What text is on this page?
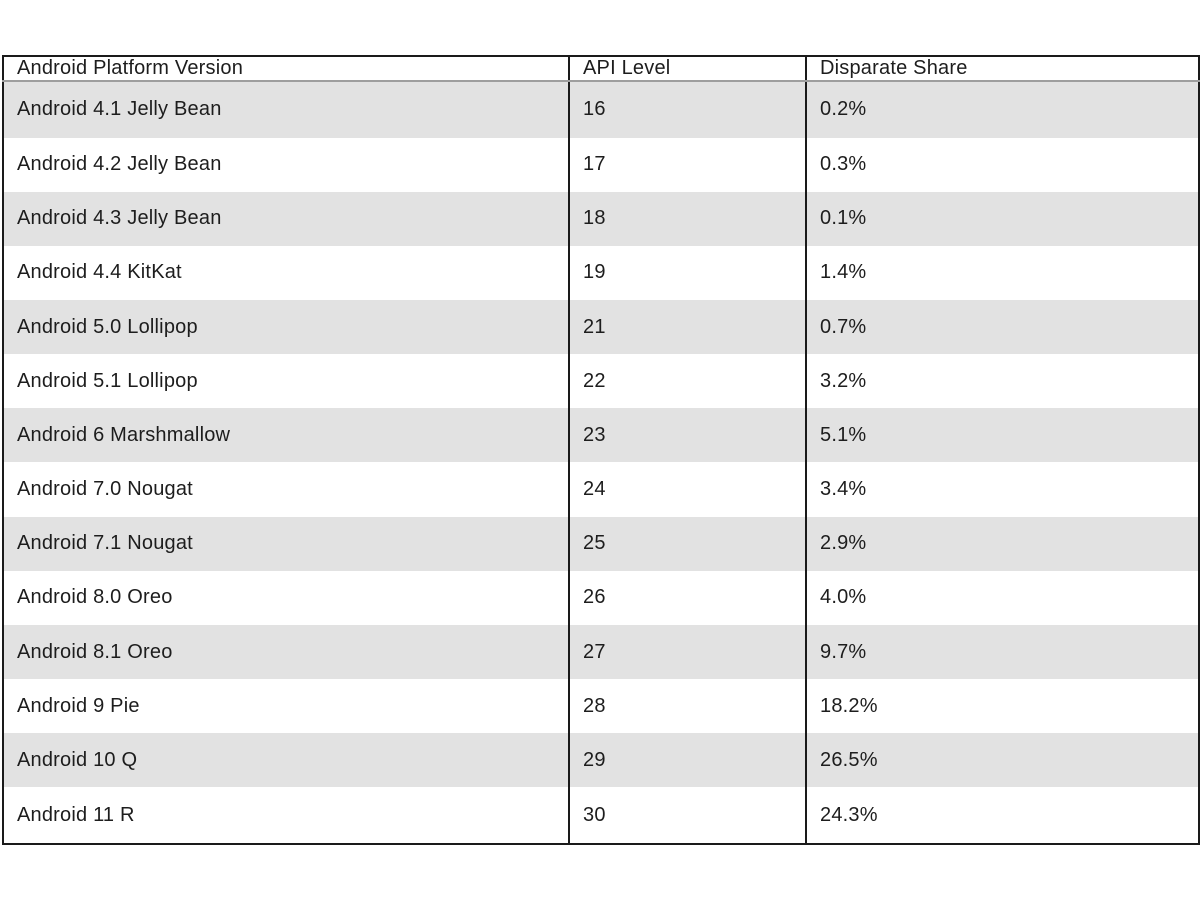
Android Platform Version	API Level	Disparate Share
Android 4.1 Jelly Bean	16	0.2%
Android 4.2 Jelly Bean	17	0.3%
Android 4.3 Jelly Bean	18	0.1%
Android 4.4 KitKat	19	1.4%
Android 5.0 Lollipop	21	0.7%
Android 5.1 Lollipop	22	3.2%
Android 6 Marshmallow	23	5.1%
Android 7.0 Nougat	24	3.4%
Android 7.1 Nougat	25	2.9%
Android 8.0 Oreo	26	4.0%
Android 8.1 Oreo	27	9.7%
Android 9 Pie	28	18.2%
Android 10 Q	29	26.5%
Android 11 R	30	24.3%
